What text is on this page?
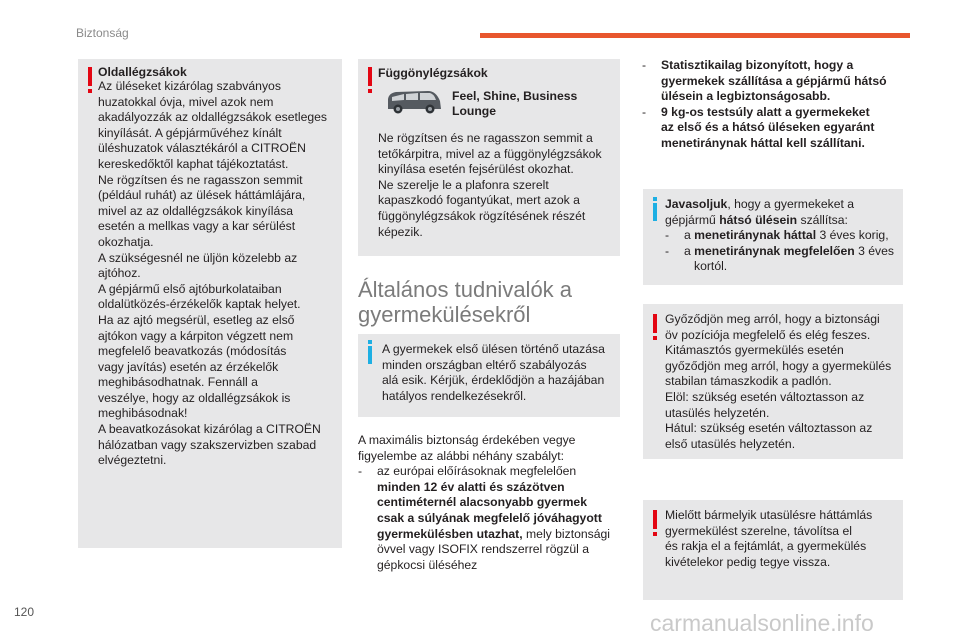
Biztonság

Oldallégzsákok

Az üléseket kizárólag szabványos
huzatokkal óvja, mivel azok nem
akadályozzák az oldallégzsákok esetleges
kinyílását. A gépjárművéhez kínált
üléshuzatok választékáról a CITROËN
kereskedőktől kaphat tájékoztatást.
Ne rögzítsen és ne ragasszon semmit
(például ruhát) az ülések háttámlájára,
mivel az az oldallégzsákok kinyílása
esetén a mellkas vagy a kar sérülést
okozhatja.
A szükségesnél ne üljön közelebb az
ajtóhoz.
A gépjármű első ajtóburkolataiban
oldalütközés-érzékelők kaptak helyet.
Ha az ajtó megsérül, esetleg az első
ajtókon vagy a kárpiton végzett nem
megfelelő beavatkozás (módosítás
vagy javítás) esetén az érzékelők
meghibásodhatnak. Fennáll a
veszélye, hogy az oldallégzsákok is
meghibásodnak!
A beavatkozásokat kizárólag a CITROËN
hálózatban vagy szakszervizben szabad
elvégeztetni.

Függönylégzsákok

Feel, Shine, Business

Lounge

Ne rögzítsen és ne ragasszon semmit a
tetőkárpitra, mivel az a függönylégzsákok
kinyílása esetén fejsérülést okozhat.
Ne szerelje le a plafonra szerelt
kapaszkodó fogantyúkat, mert azok a
függönylégzsákok rögzítésének részét
képezik.

Általános tudnivalók a

gyermekülésekről

A gyermekek első ülésen történő utazása
minden országban eltérő szabályozás
alá esik. Kérjük, érdeklődjön a hazájában
hatályos rendelkezésekről.
A maximális biztonság érdekében vegye
figyelembe az alábbi néhány szabályt:
-	az európai előírásoknak megfelelően
minden 12 év alatti és százötven
centiméternél alacsonyabb gyermek
csak a súlyának megfelelő jóváhagyott
gyermekülésben utazhat, mely biztonsági
övvel vagy ISOFIX rendszerrel rögzül a
gépkocsi üléséhez
-	Statisztikailag bizonyított, hogy a
gyermekek szállítása a gépjármű hátsó
ülésein a legbiztonságosabb.
-	9 kg-os testsúly alatt a gyermekeket
az első és a hátsó üléseken egyaránt
menetiránynak háttal kell szállítani.
Javasoljuk, hogy a gyermekeket a
gépjármű hátsó ülésein szállítsa:
-	a menetiránynak háttal 3 éves korig,
-	a menetiránynak megfelelően 3 éves
kortól.
Győződjön meg arról, hogy a biztonsági
öv pozíciója megfelelő és elég feszes.
Kitámasztós gyermekülés esetén
győződjön meg arról, hogy a gyermekülés
stabilan támaszkodik a padlón.
Elöl: szükség esetén változtasson az
utasülés helyzetén.
Hátul: szükség esetén változtasson az
első utasülés helyzetén.
Mielőtt bármelyik utasülésre háttámlás
gyermekülést szerelne, távolítsa el
és rakja el a fejtámlát, a gyermekülés
kivételekor pedig tegye vissza.
120	carmanualsonline.info
